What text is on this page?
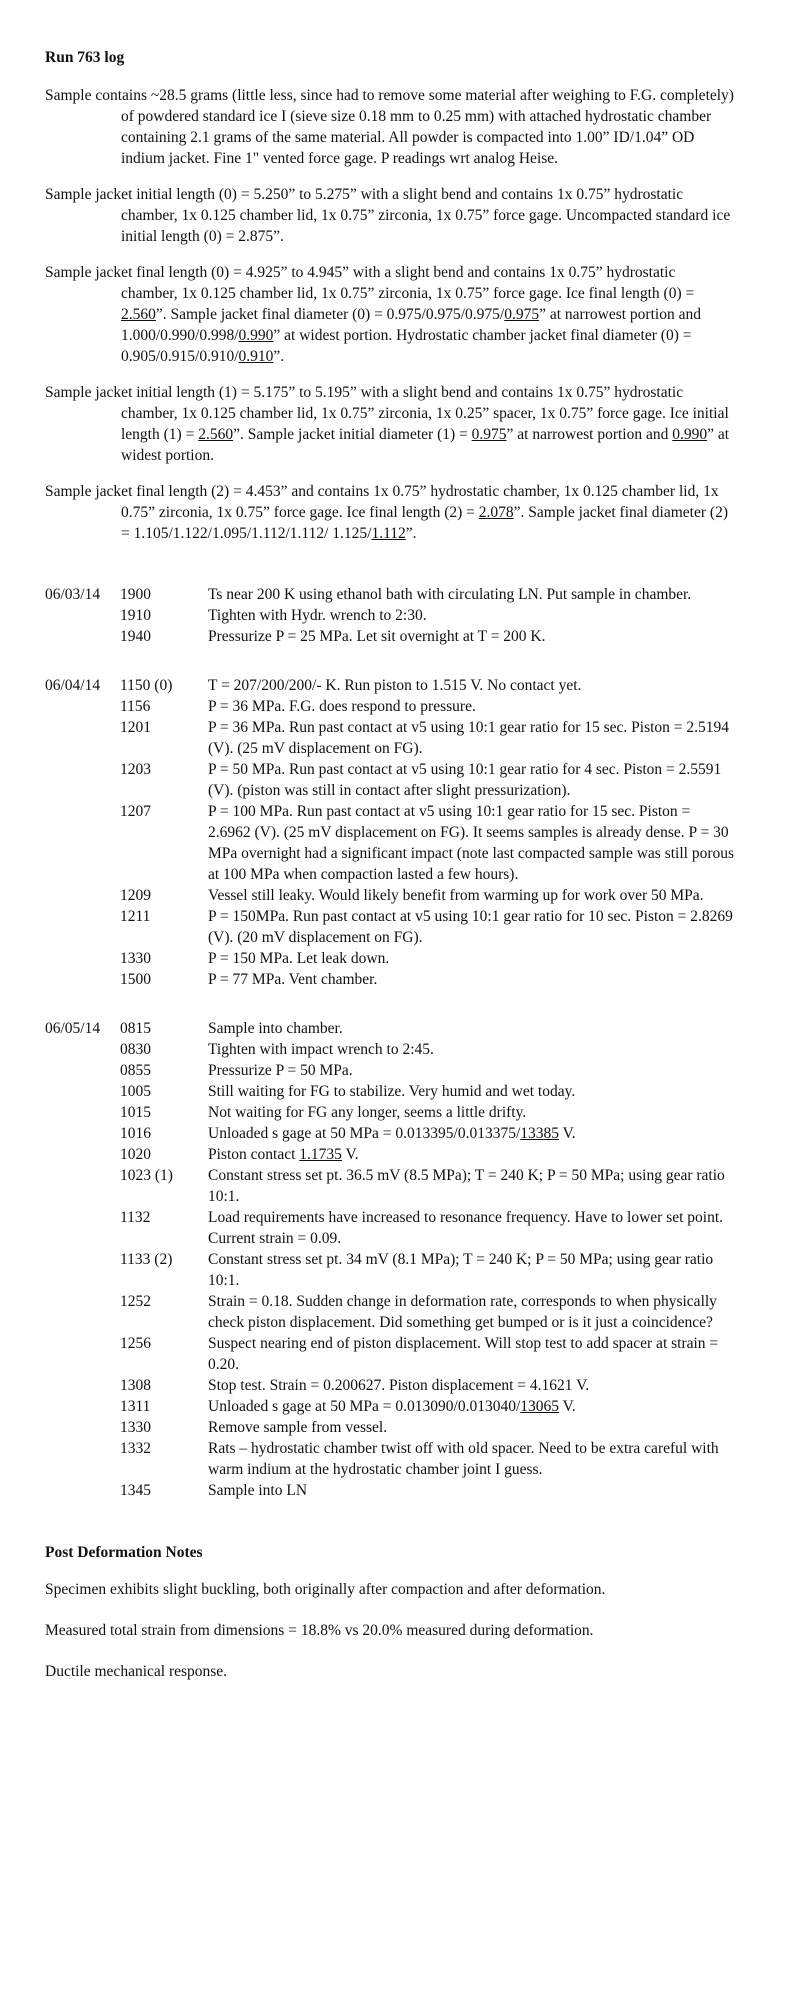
Run 763 log
Sample contains ~28.5 grams (little less, since had to remove some material after weighing to F.G. completely) of powdered standard ice I (sieve size 0.18 mm to 0.25 mm) with attached hydrostatic chamber containing 2.1 grams of the same material. All powder is compacted into 1.00” ID/1.04” OD indium jacket. Fine 1" vented force gage. P readings wrt analog Heise.
Sample jacket initial length (0) = 5.250” to 5.275” with a slight bend and contains 1x 0.75” hydrostatic chamber, 1x 0.125 chamber lid, 1x 0.75” zirconia, 1x 0.75” force gage. Uncompacted standard ice initial length (0) = 2.875”.
Sample jacket final length (0) = 4.925” to 4.945” with a slight bend and contains 1x 0.75” hydrostatic chamber, 1x 0.125 chamber lid, 1x 0.75” zirconia, 1x 0.75” force gage. Ice final length (0) = 2.560”. Sample jacket final diameter (0) = 0.975/0.975/0.975/0.975” at narrowest portion and 1.000/0.990/0.998/0.990” at widest portion. Hydrostatic chamber jacket final diameter (0) = 0.905/0.915/0.910/0.910”.
Sample jacket initial length (1) = 5.175” to 5.195” with a slight bend and contains 1x 0.75” hydrostatic chamber, 1x 0.125 chamber lid, 1x 0.75” zirconia, 1x 0.25” spacer, 1x 0.75” force gage. Ice initial length (1) = 2.560”. Sample jacket initial diameter (1) = 0.975” at narrowest portion and 0.990” at widest portion.
Sample jacket final length (2) = 4.453” and contains 1x 0.75” hydrostatic chamber, 1x 0.125 chamber lid, 1x 0.75” zirconia, 1x 0.75” force gage. Ice final length (2) = 2.078”. Sample jacket final diameter (2) = 1.105/1.122/1.095/1.112/1.112/ 1.125/1.112”.
06/03/14	1900	Ts near 200 K using ethanol bath with circulating LN. Put sample in chamber.
1910	Tighten with Hydr. wrench to 2:30.
1940	Pressurize P = 25 MPa. Let sit overnight at T = 200 K.
06/04/14	1150 (0)	T = 207/200/200/- K. Run piston to 1.515 V. No contact yet.
1156	P = 36 MPa. F.G. does respond to pressure.
1201	P = 36 MPa. Run past contact at v5 using 10:1 gear ratio for 15 sec. Piston = 2.5194 (V). (25 mV displacement on FG).
1203	P = 50 MPa. Run past contact at v5 using 10:1 gear ratio for 4 sec. Piston = 2.5591 (V). (piston was still in contact after slight pressurization).
1207	P = 100 MPa. Run past contact at v5 using 10:1 gear ratio for 15 sec. Piston = 2.6962 (V). (25 mV displacement on FG). It seems samples is already dense. P = 30 MPa overnight had a significant impact (note last compacted sample was still porous at 100 MPa when compaction lasted a few hours).
1209	Vessel still leaky. Would likely benefit from warming up for work over 50 MPa.
1211	P = 150MPa. Run past contact at v5 using 10:1 gear ratio for 10 sec. Piston = 2.8269 (V). (20 mV displacement on FG).
1330	P = 150 MPa. Let leak down.
1500	P = 77 MPa. Vent chamber.
06/05/14	0815	Sample into chamber.
0830	Tighten with impact wrench to 2:45.
0855	Pressurize P = 50 MPa.
1005	Still waiting for FG to stabilize. Very humid and wet today.
1015	Not waiting for FG any longer, seems a little drifty.
1016	Unloaded s gage at 50 MPa = 0.013395/0.013375/13385 V.
1020	Piston contact 1.1735 V.
1023 (1)	Constant stress set pt. 36.5 mV (8.5 MPa); T = 240 K; P = 50 MPa; using gear ratio 10:1.
1132	Load requirements have increased to resonance frequency. Have to lower set point. Current strain = 0.09.
1133 (2)	Constant stress set pt. 34 mV (8.1 MPa); T = 240 K; P = 50 MPa; using gear ratio 10:1.
1252	Strain = 0.18. Sudden change in deformation rate, corresponds to when physically check piston displacement. Did something get bumped or is it just a coincidence?
1256	Suspect nearing end of piston displacement. Will stop test to add spacer at strain = 0.20.
1308	Stop test. Strain = 0.200627. Piston displacement = 4.1621 V.
1311	Unloaded s gage at 50 MPa = 0.013090/0.013040/13065 V.
1330	Remove sample from vessel.
1332	Rats – hydrostatic chamber twist off with old spacer. Need to be extra careful with warm indium at the hydrostatic chamber joint I guess.
1345	Sample into LN
Post Deformation Notes
Specimen exhibits slight buckling, both originally after compaction and after deformation.
Measured total strain from dimensions = 18.8% vs 20.0% measured during deformation.
Ductile mechanical response.
